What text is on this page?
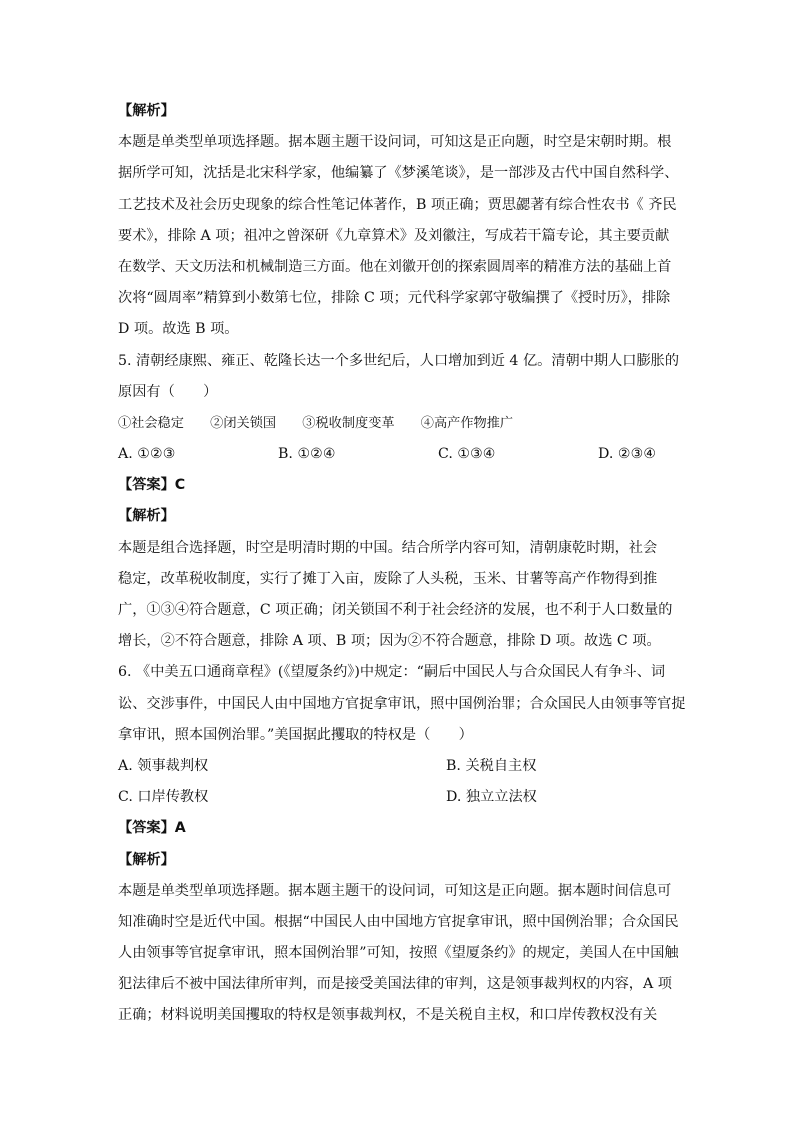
【解析】
本题是单类型单项选择题。据本题主题干设问词，可知这是正向题，时空是宋朝时期。根
据所学可知，沈括是北宋科学家，他编纂了《梦溪笔谈》，是一部涉及古代中国自然科学、
工艺技术及社会历史现象的综合性笔记体著作，B 项正确；贾思勰著有综合性农书《 齐民
要术》，排除 A 项；祖冲之曾深研《九章算术》及刘徽注，写成若干篇专论，其主要贡献
在数学、天文历法和机械制造三方面。他在刘徽开创的探索圆周率的精准方法的基础上首
次将“圆周率”精算到小数第七位，排除 C 项；元代科学家郭守敬编撰了《授时历》，排除
D 项。故选 B 项。
5. 清朝经康熙、雍正、乾隆长达一个多世纪后，人口增加到近 4 亿。清朝中期人口膨胀的
原因有（　　）
①社会稳定 ②闭关锁国 ③税收制度变革 ④高产作物推广
A. ①②③	B. ①②④	C. ①③④	D. ②③④
【答案】C
【解析】
本题是组合选择题，时空是明清时期的中国。结合所学内容可知，清朝康乾时期，社会
稳定，改革税收制度，实行了摊丁入亩，废除了人头税，玉米、甘薯等高产作物得到推
广，①③④符合题意，C 项正确；闭关锁国不利于社会经济的发展，也不利于人口数量的
增长，②不符合题意，排除 A 项、B 项；因为②不符合题意，排除 D 项。故选 C 项。
6. 《中美五口通商章程》(《望厦条约》)中规定：“嗣后中国民人与合众国民人有争斗、词
讼、交涉事件，中国民人由中国地方官捉拿审讯，照中国例治罪；合众国民人由领事等官捉
拿审讯，照本国例治罪。”美国据此攫取的特权是（　　）
A. 领事裁判权	B. 关税自主权
C. 口岸传教权	D. 独立立法权
【答案】A
【解析】
本题是单类型单项选择题。据本题主题干的设问词，可知这是正向题。据本题时间信息可
知准确时空是近代中国。根据“中国民人由中国地方官捉拿审讯，照中国例治罪；合众国民
人由领事等官捉拿审讯，照本国例治罪”可知，按照《望厦条约》的规定，美国人在中国触
犯法律后不被中国法律所审判，而是接受美国法律的审判，这是领事裁判权的内容，A 项
正确；材料说明美国攫取的特权是领事裁判权，不是关税自主权，和口岸传教权没有关
